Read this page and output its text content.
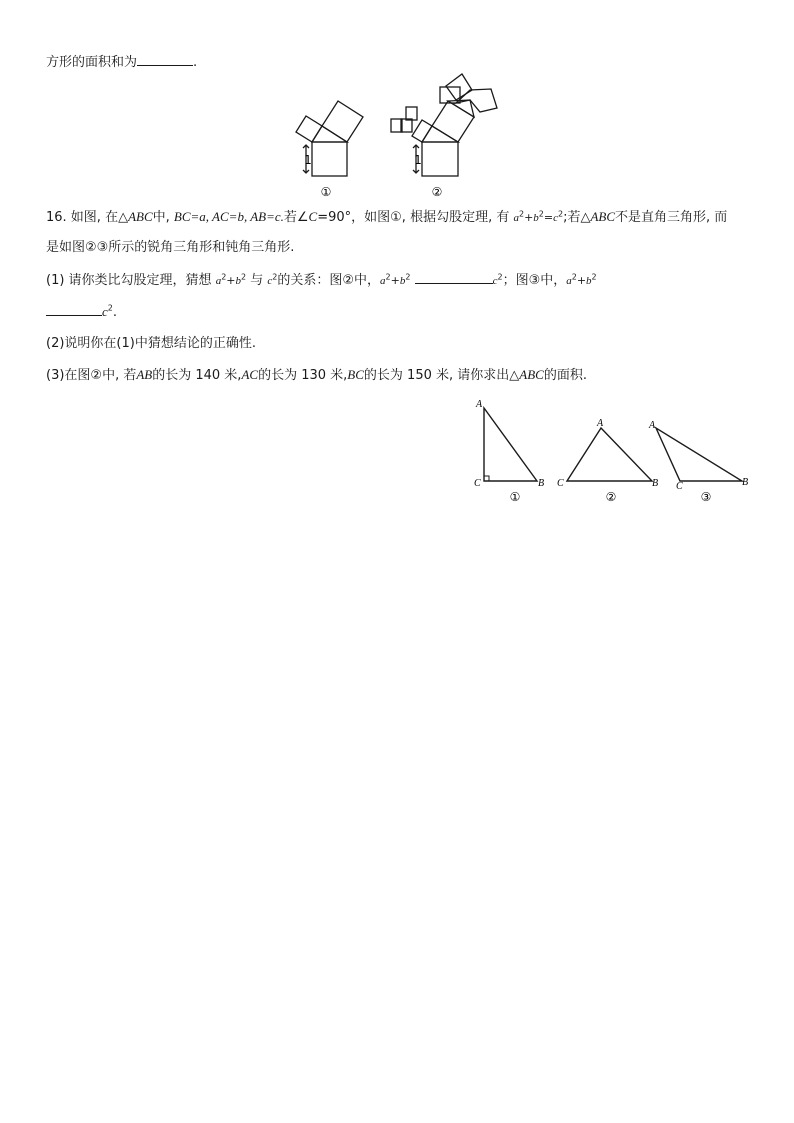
方形的面积和为	.
1	1
①	②
16. 如图, 在△ABC中, BC=a, AC=b, AB=c.若∠C=90°，如图①, 根据勾股定理, 有 $a^2+b^2=c^2$;若△ABC不是直角三角形, 而
是如图②③所示的锐角三角形和钝角三角形.
(1) 请你类比勾股定理，猜想 $a^2+b^2$ 与 $c^2$的关系：图②中，$a^2+b^2$	$c^2$；图③中，$a^2+b^2$
$c^2$.
(2)说明你在(1)中猜想结论的正确性.
(3)在图②中, 若AB的长为 140 米,AC的长为 130 米,BC的长为 150 米, 请你求出△ABC的面积.
A
C	B
A
C	B
A
C	B
①	②	③
